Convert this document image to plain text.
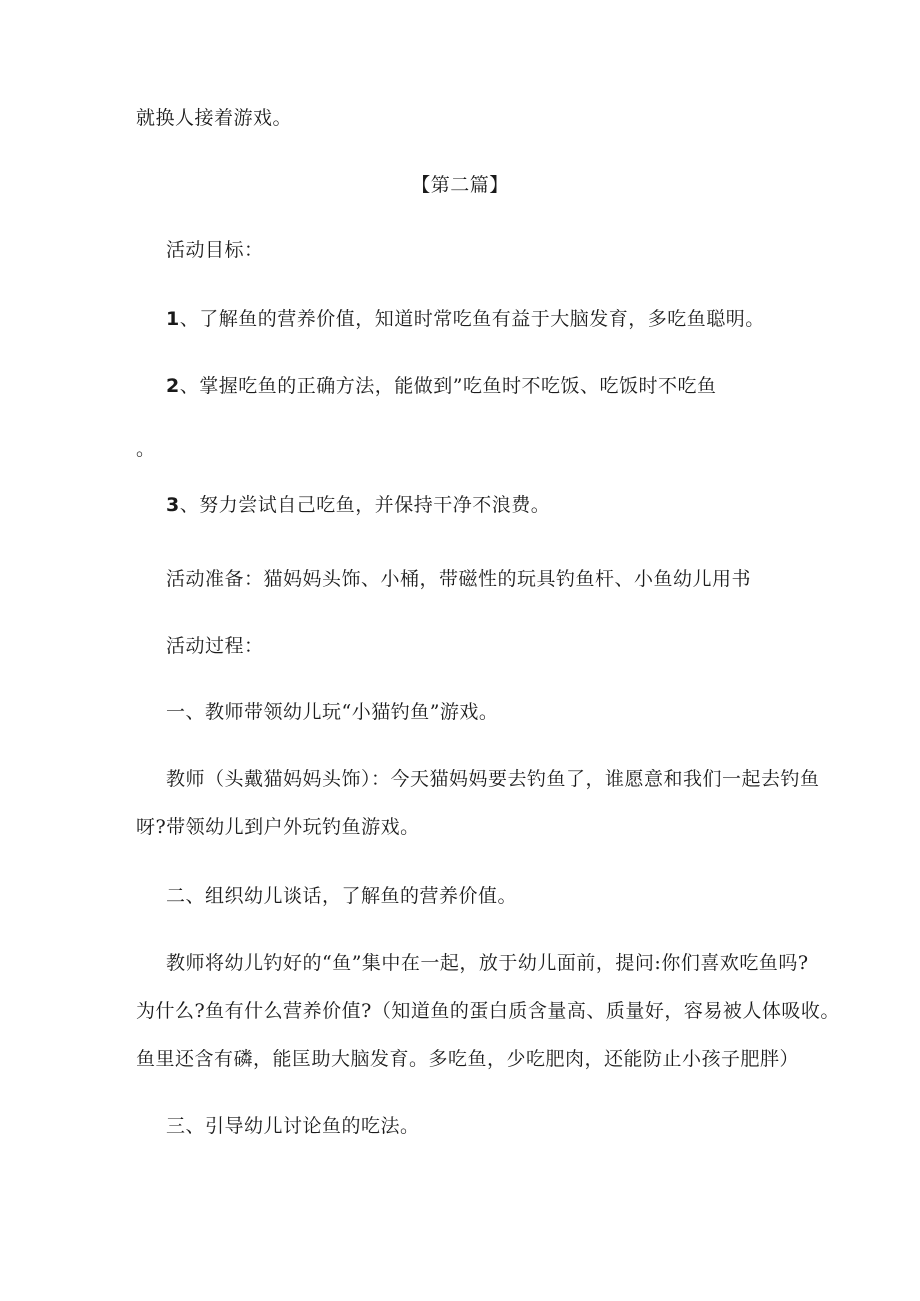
就换人接着游戏。
【第二篇】
活动目标：
1、了解鱼的营养价值，知道时常吃鱼有益于大脑发育，多吃鱼聪明。
2、掌握吃鱼的正确方法，能做到”吃鱼时不吃饭、吃饭时不吃鱼
。
3、努力尝试自己吃鱼，并保持干净不浪费。
活动准备：猫妈妈头饰、小桶，带磁性的玩具钓鱼杆、小鱼幼儿用书
活动过程：
一、教师带领幼儿玩“小猫钓鱼”游戏。
教师（头戴猫妈妈头饰）：今天猫妈妈要去钓鱼了，谁愿意和我们一起去钓鱼
呀?带领幼儿到户外玩钓鱼游戏。
二、组织幼儿谈话，了解鱼的营养价值。
教师将幼儿钓好的“鱼”集中在一起，放于幼儿面前，提问:你们喜欢吃鱼吗?
为什么?鱼有什么营养价值?（知道鱼的蛋白质含量高、质量好，容易被人体吸收。
鱼里还含有磷，能匡助大脑发育。多吃鱼，少吃肥肉，还能防止小孩子肥胖）
三、引导幼儿讨论鱼的吃法。
